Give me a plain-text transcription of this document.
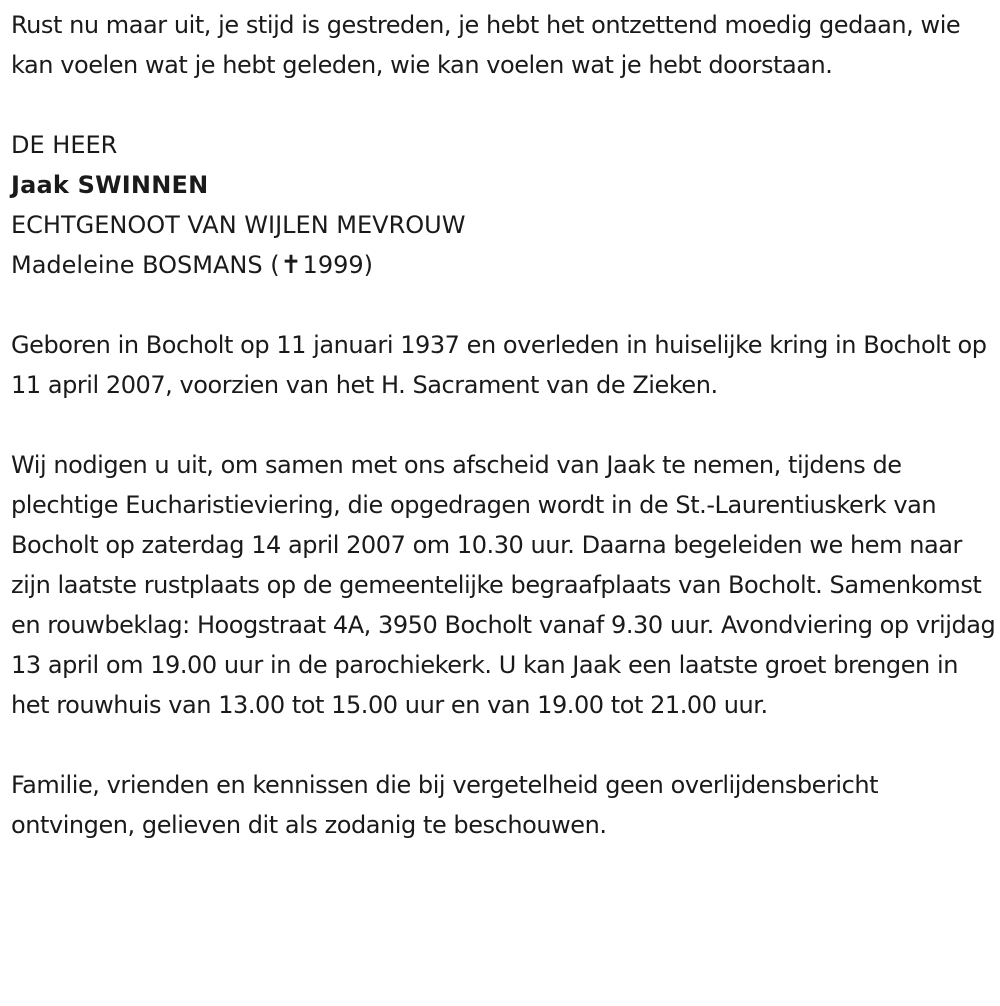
Rust nu maar uit, je stijd is gestreden, je hebt het ontzettend moedig gedaan, wie kan voelen wat je hebt geleden, wie kan voelen wat je hebt doorstaan.

DE HEER

Jaak SWINNEN

ECHTGENOOT VAN WIJLEN MEVROUW

Madeleine BOSMANS (✝1999)

Geboren in Bocholt op 11 januari 1937 en overleden in huiselijke kring in Bocholt op 11 april 2007, voorzien van het H. Sacrament van de Zieken.

Wij nodigen u uit, om samen met ons afscheid van Jaak te nemen, tijdens de plechtige Eucharistieviering, die opgedragen wordt in de St.-Laurentiuskerk van Bocholt op zaterdag 14 april 2007 om 10.30 uur. Daarna begeleiden we hem naar zijn laatste rustplaats op de gemeentelijke begraafplaats van Bocholt. Samenkomst en rouwbeklag: Hoogstraat 4A, 3950 Bocholt vanaf 9.30 uur. Avondviering op vrijdag 13 april om 19.00 uur in de parochiekerk. U kan Jaak een laatste groet brengen in het rouwhuis van 13.00 tot 15.00 uur en van 19.00 tot 21.00 uur.

Familie, vrienden en kennissen die bij vergetelheid geen overlijdensbericht ontvingen, gelieven dit als zodanig te beschouwen.
